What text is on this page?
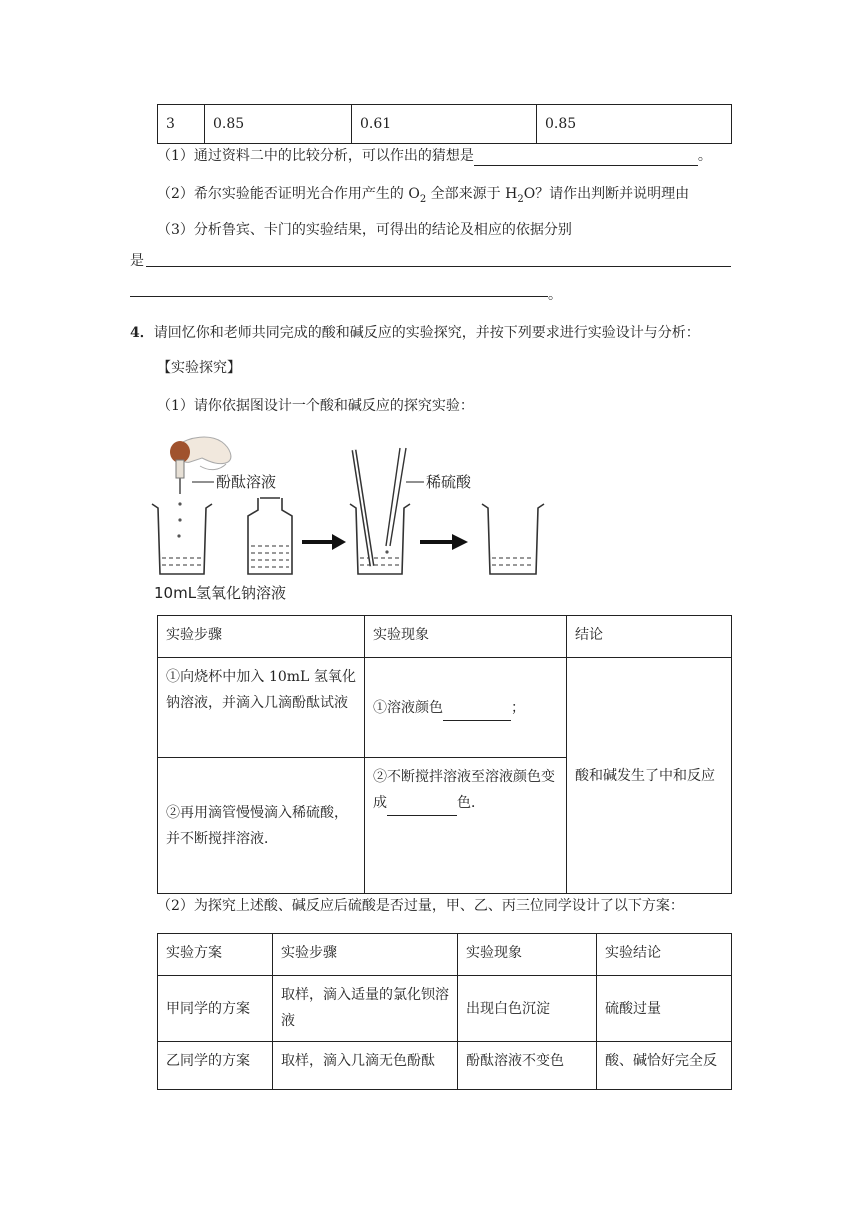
3	0.85	0.61	0.85
（1）通过资料二中的比较分析，可以作出的猜想是	。
（2）希尔实验能否证明光合作用产生的 $O_2$ 全部来源于 $H_2O$？请作出判断并说明理由
（3）分析鲁宾、卡门的实验结果，可得出的结论及相应的依据分别
是
。
4．请回忆你和老师共同完成的酸和碱反应的实验探究，并按下列要求进行实验设计与分析：
【实验探究】
（1）请你依据图设计一个酸和碱反应的探究实验：
酚酞溶液	稀硫酸
10mL氢氧化钠溶液
实验步骤	实验现象	结论
①向烧杯中加入 10mL 氢氧化钠溶液，并滴入几滴酚酞试液	①溶液颜色 ；	酸和碱发生了中和反应
②再用滴管慢慢滴入稀硫酸，并不断搅拌溶液．	②不断搅拌溶液至溶液颜色变成 色．	
（2）为探究上述酸、碱反应后硫酸是否过量，甲、乙、丙三位同学设计了以下方案：
实验方案	实验步骤	实验现象	实验结论
甲同学的方案	取样，滴入适量的氯化钡溶液	出现白色沉淀	硫酸过量
乙同学的方案	取样，滴入几滴无色酚酞	酚酞溶液不变色	酸、碱恰好完全反
